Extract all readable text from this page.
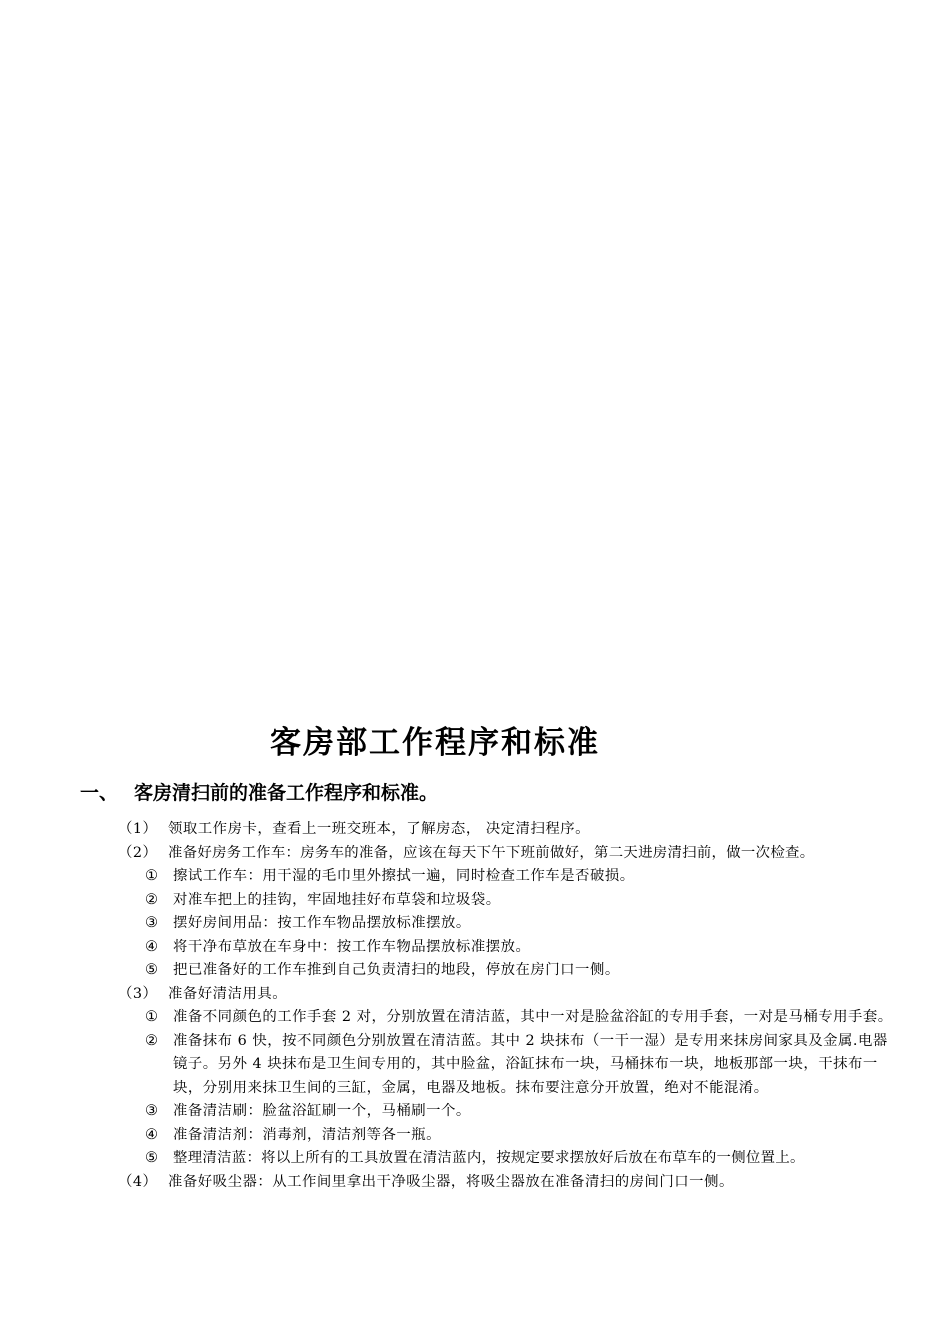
客房部工作程序和标准
一、 客房清扫前的准备工作程序和标准。
（1） 领取工作房卡，查看上一班交班本，了解房态， 决定清扫程序。
（2） 准备好房务工作车：房务车的准备，应该在每天下午下班前做好，第二天进房清扫前，做一次检查。
① 擦试工作车：用干湿的毛巾里外擦拭一遍，同时检查工作车是否破损。
② 对准车把上的挂钩，牢固地挂好布草袋和垃圾袋。
③ 摆好房间用品：按工作车物品摆放标准摆放。
④ 将干净布草放在车身中：按工作车物品摆放标准摆放。
⑤ 把已准备好的工作车推到自己负责清扫的地段，停放在房门口一侧。
（3） 准备好清洁用具。
① 准备不同颜色的工作手套 2 对，分别放置在清洁蓝，其中一对是脸盆浴缸的专用手套，一对是马桶专用手套。
② 准备抹布 6 快，按不同颜色分别放置在清洁蓝。其中 2 块抹布（一干一湿）是专用来抹房间家具及金属.电器镜子。另外 4 块抹布是卫生间专用的，其中脸盆，浴缸抹布一块，马桶抹布一块，地板那部一块，干抹布一块，分别用来抹卫生间的三缸，金属，电器及地板。抹布要注意分开放置，绝对不能混淆。
③ 准备清洁刷：脸盆浴缸刷一个，马桶刷一个。
④ 准备清洁剂：消毒剂，清洁剂等各一瓶。
⑤ 整理清洁蓝：将以上所有的工具放置在清洁蓝内，按规定要求摆放好后放在布草车的一侧位置上。
（4） 准备好吸尘器：从工作间里拿出干净吸尘器，将吸尘器放在准备清扫的房间门口一侧。
